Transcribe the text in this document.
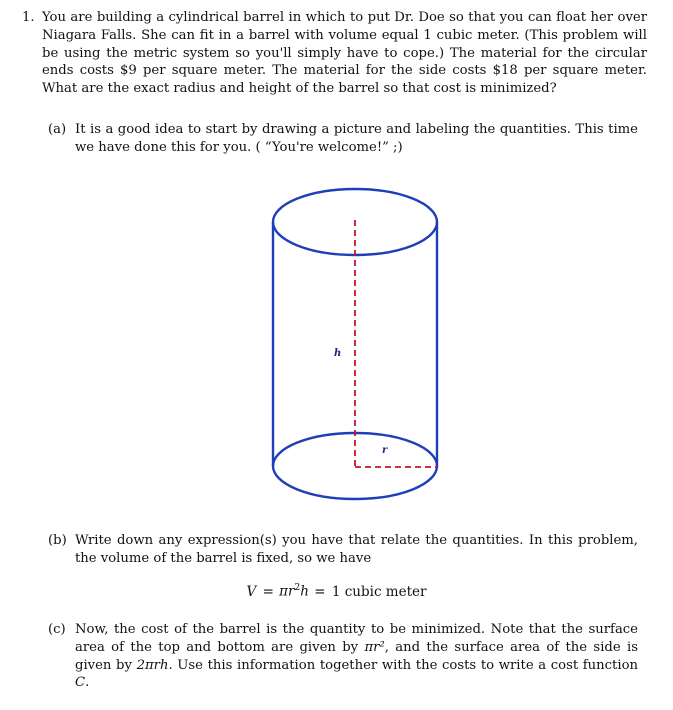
1. You are building a cylindrical barrel in which to put Dr. Doe so that you can float her over Niagara Falls. She can fit in a barrel with volume equal 1 cubic meter. (This problem will be using the metric system so you'll simply have to cope.) The material for the circular ends costs $9 per square meter. The material for the side costs $18 per square meter. What are the exact radius and height of the barrel so that cost is minimized?
(a) It is a good idea to start by drawing a picture and labeling the quantities. This time we have done this for you. ( “You're welcome!” ;)
h
r
(b) Write down any expression(s) you have that relate the quantities. In this problem, the volume of the barrel is fixed, so we have
$V = \pi r^2h = 1$ cubic meter
(c) Now, the cost of the barrel is the quantity to be minimized. Note that the surface area of the top and bottom are given by πr², and the surface area of the side is given by 2πrh. Use this information together with the costs to write a cost function C.
